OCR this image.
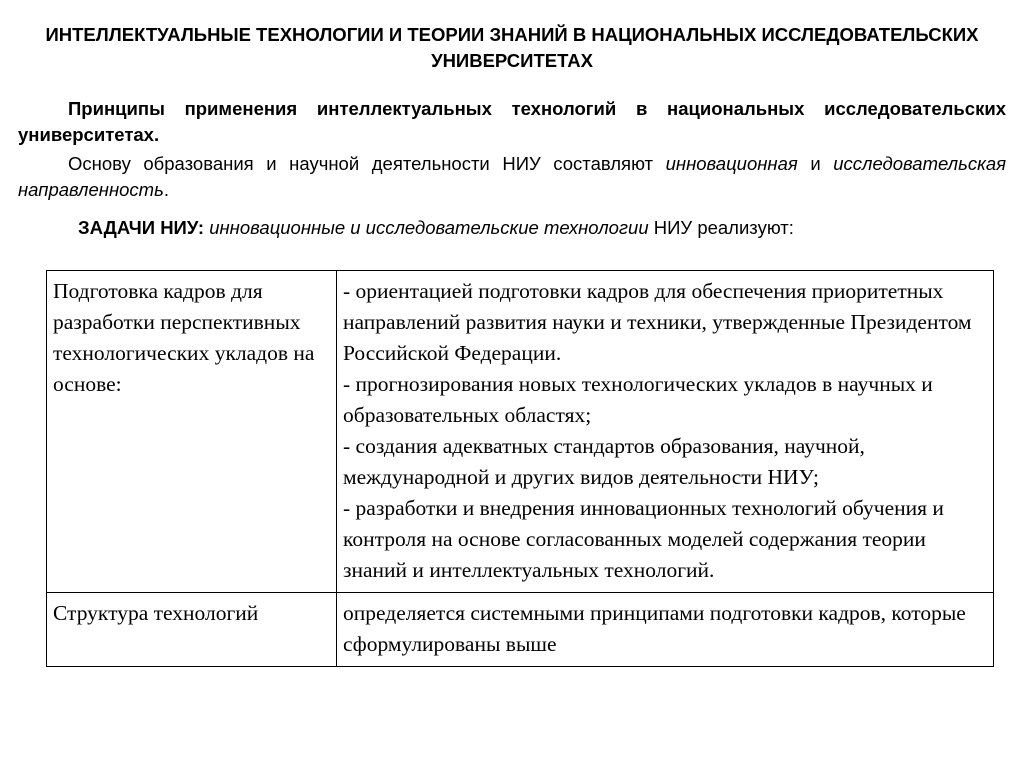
ИНТЕЛЛЕКТУАЛЬНЫЕ ТЕХНОЛОГИИ И ТЕОРИИ ЗНАНИЙ В НАЦИОНАЛЬНЫХ ИССЛЕДОВАТЕЛЬСКИХ УНИВЕРСИТЕТАХ

Принципы применения интеллектуальных технологий в национальных исследовательских университетах.

Основу образования и научной деятельности НИУ составляют инновационная и исследовательская направленность.

ЗАДАЧИ НИУ: инновационные и исследовательские технологии НИУ реализуют:

Подготовка кадров для разработки перспективных технологических укладов на основе:	- ориентацией подготовки кадров для обеспечения приоритетных направлений развития науки и техники, утвержденные Президентом Российской Федерации.
- прогнозирования новых технологических укладов в научных и образовательных областях;
- создания адекватных стандартов образования, научной, международной и других видов деятельности НИУ;
- разработки и внедрения инновационных технологий обучения и контроля на основе согласованных моделей содержания теории знаний и интеллектуальных технологий.

Структура технологий	определяется системными принципами подготовки кадров, которые сформулированы выше
